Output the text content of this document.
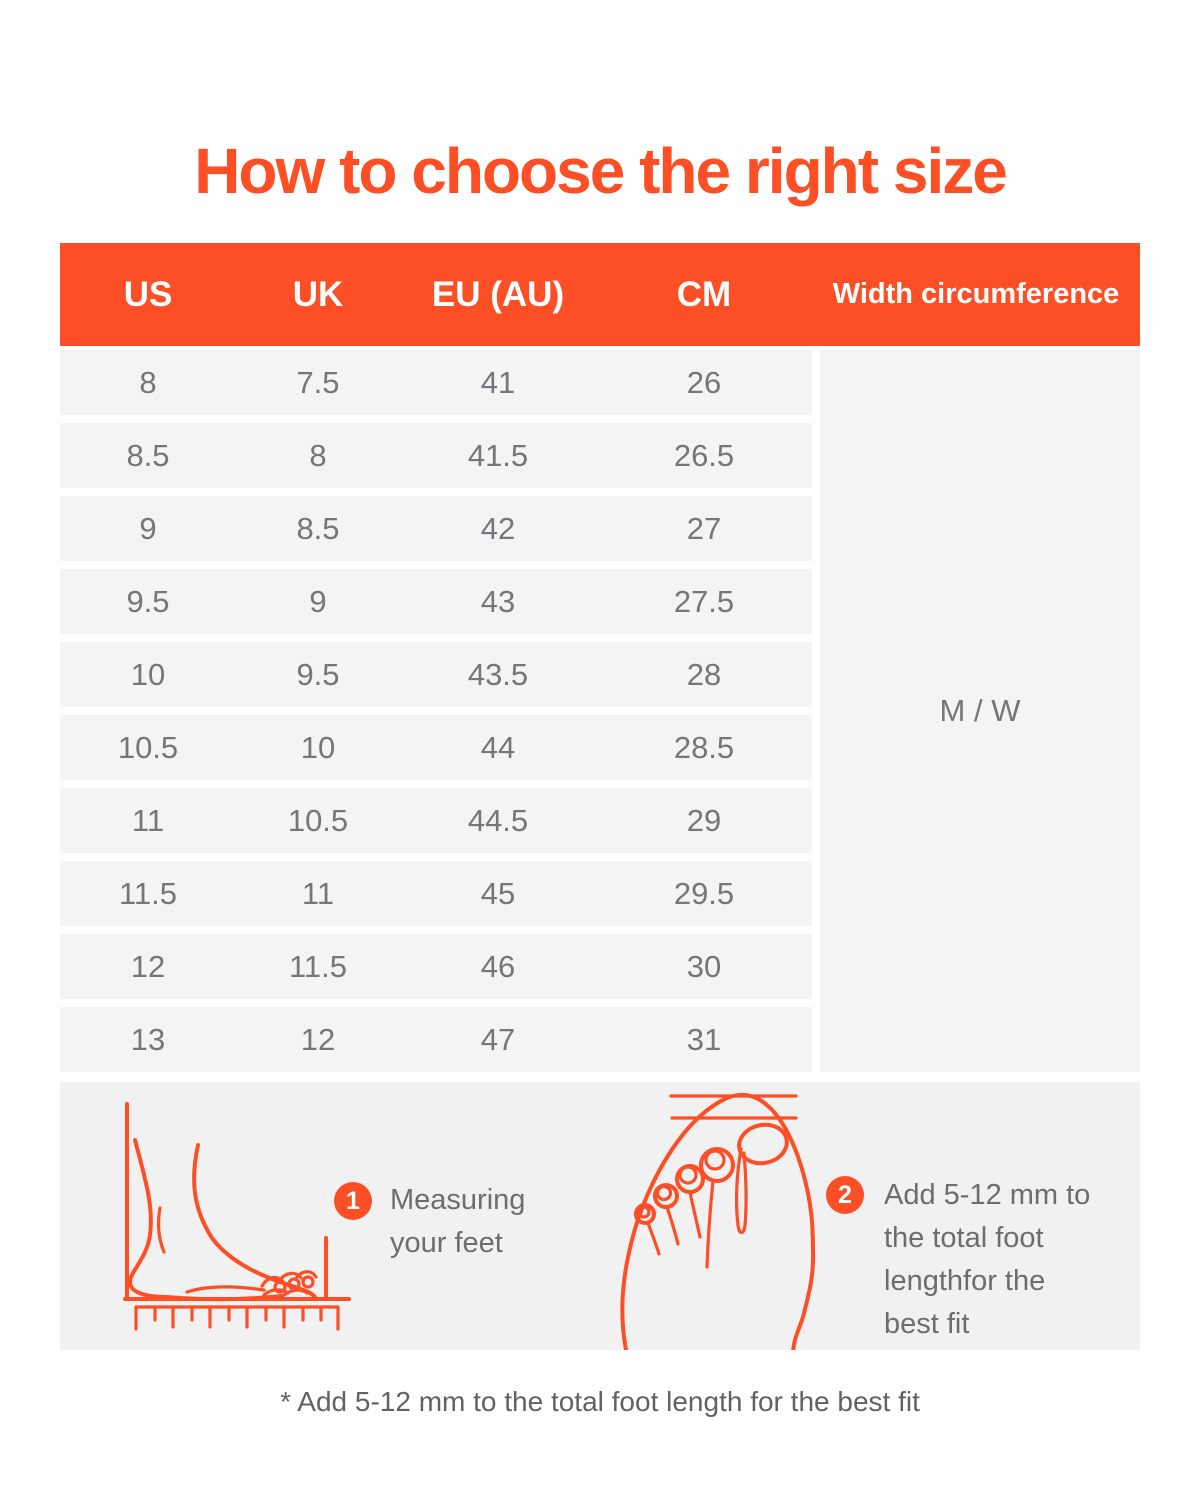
How to choose the right size
US	UK	EU (AU)	CM	Width circumference
8	7.5	41	26
8.5	8	41.5	26.5
9	8.5	42	27
9.5	9	43	27.5
10	9.5	43.5	28
10.5	10	44	28.5
11	10.5	44.5	29
11.5	11	45	29.5
12	11.5	46	30
13	12	47	31
M / W
1	Measuring your feet
2	Add 5-12 mm to the total foot lengthfor the best fit
* Add 5-12 mm to the total foot length for the best fit
